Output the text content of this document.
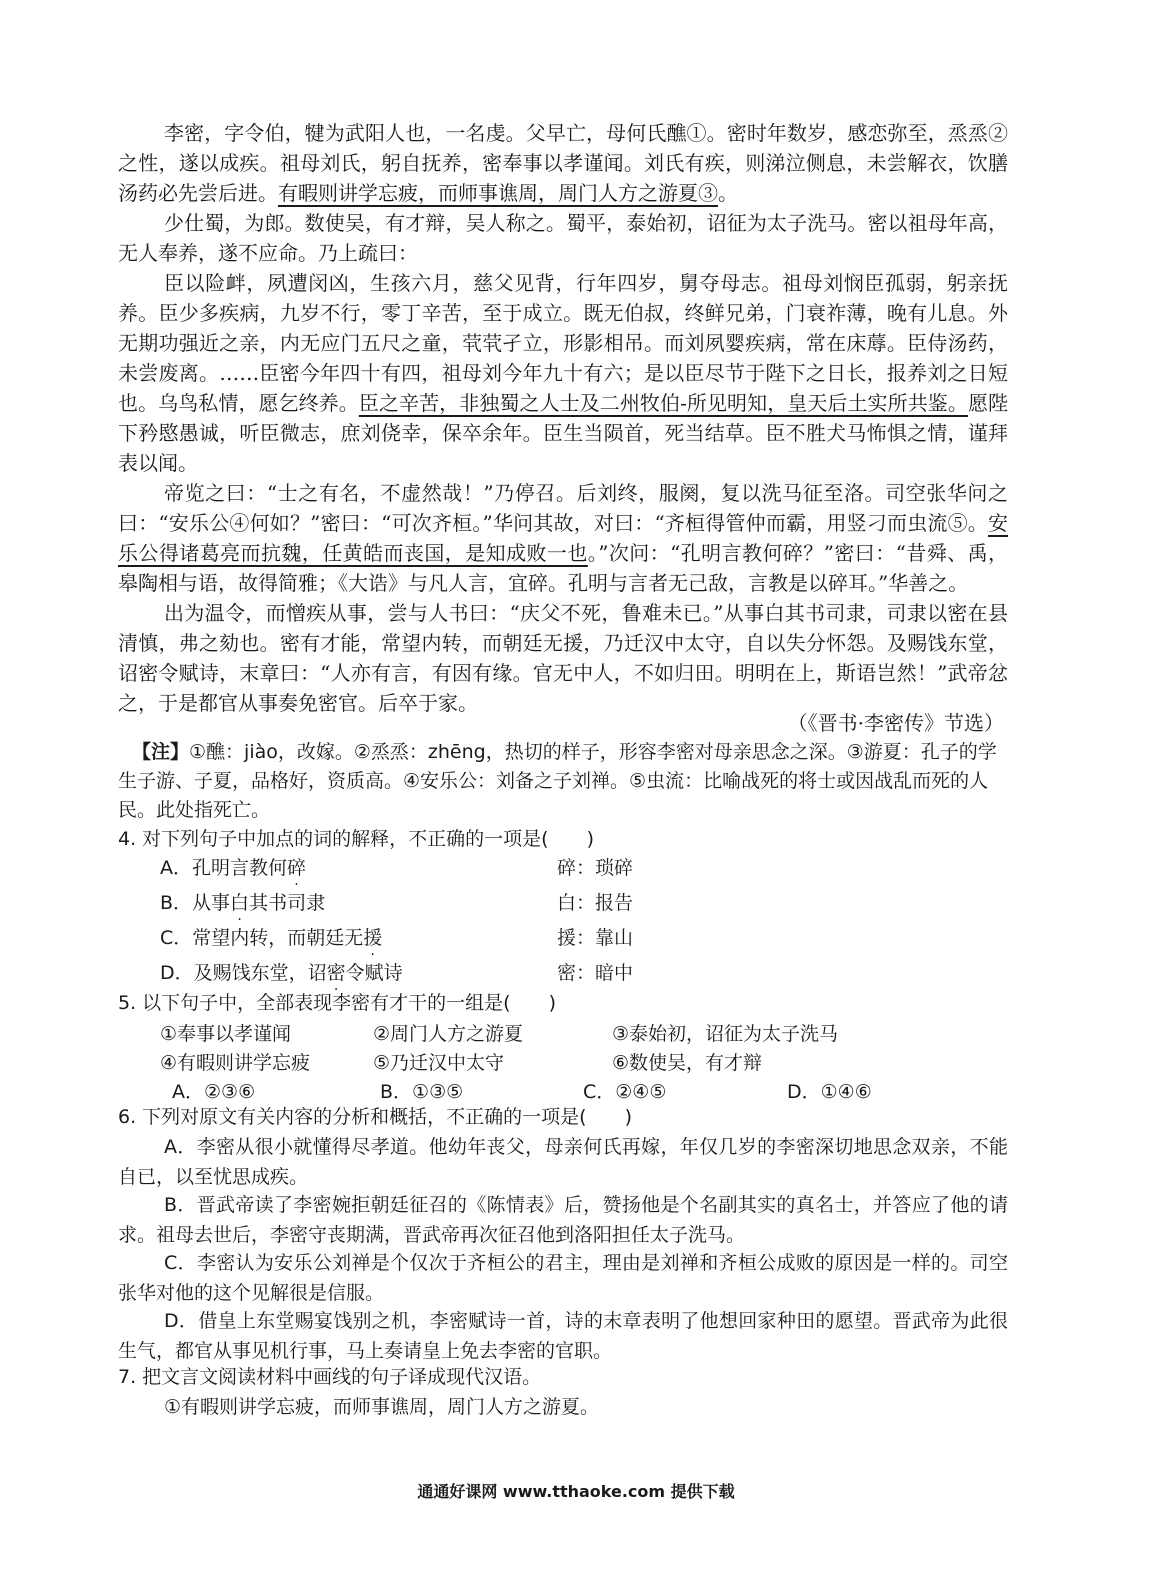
李密，字令伯，犍为武阳人也，一名虔。父早亡，母何氏醮①。密时年数岁，感恋弥至，烝烝②之性，遂以成疾。祖母刘氏，躬自抚养，密奉事以孝谨闻。刘氏有疾，则涕泣侧息，未尝解衣，饮膳汤药必先尝后进。有暇则讲学忘疲，而师事谯周，周门人方之游夏③。

少仕蜀，为郎。数使吴，有才辩，吴人称之。蜀平，泰始初，诏征为太子洗马。密以祖母年高，无人奉养，遂不应命。乃上疏曰：

臣以险衅，夙遭闵凶，生孩六月，慈父见背，行年四岁，舅夺母志。祖母刘悯臣孤弱，躬亲抚养。臣少多疾病，九岁不行，零丁辛苦，至于成立。既无伯叔，终鲜兄弟，门衰祚薄，晚有儿息。外无期功强近之亲，内无应门五尺之童，茕茕孑立，形影相吊。而刘夙婴疾病，常在床蓐。臣侍汤药，未尝废离。……臣密今年四十有四，祖母刘今年九十有六；是以臣尽节于陛下之日长，报养刘之日短也。乌鸟私情，愿乞终养。臣之辛苦，非独蜀之人士及二州牧伯-所见明知，皇天后土实所共鉴。愿陛下矜愍愚诚，听臣微志，庶刘侥幸，保卒余年。臣生当陨首，死当结草。臣不胜犬马怖惧之情，谨拜表以闻。

帝览之曰：“士之有名，不虚然哉！”乃停召。后刘终，服阕，复以洗马征至洛。司空张华问之曰：“安乐公④何如？”密曰：“可次齐桓。”华问其故，对曰：“齐桓得管仲而霸，用竖刁而虫流⑤。安乐公得诸葛亮而抗魏，任黄皓而丧国，是知成败一也。”次问：“孔明言教何碎？”密曰：“昔舜、禹，皋陶相与语，故得简雅；《大诰》与凡人言，宜碎。孔明与言者无己敌，言教是以碎耳。”华善之。

出为温令，而憎疾从事，尝与人书曰：“庆父不死，鲁难未已。”从事白其书司隶，司隶以密在县清慎，弗之劾也。密有才能，常望内转，而朝廷无援，乃迁汉中太守，自以失分怀怨。及赐饯东堂，诏密令赋诗，末章曰：“人亦有言，有因有缘。官无中人，不如归田。明明在上，斯语岂然！”武帝忿之，于是都官从事奏免密官。后卒于家。

（《晋书·李密传》节选）

【注】①醮：jiào，改嫁。②烝烝：zhēng，热切的样子，形容李密对母亲思念之深。③游夏：孔子的学生子游、子夏，品格好，资质高。④安乐公：刘备之子刘禅。⑤虫流：比喻战死的将士或因战乱而死的人民。此处指死亡。

4. 对下列句子中加点的词的解释，不正确的一项是(　　)

A．孔明言教何碎	碎：琐碎
B．从事白其书司隶	白：报告
C．常望内转，而朝廷无援	援：靠山
D．及赐饯东堂，诏密令赋诗	密：暗中

5. 以下句子中，全部表现李密有才干的一组是(　　)

①奉事以孝谨闻	②周门人方之游夏	③泰始初，诏征为太子洗马
④有暇则讲学忘疲	⑤乃迁汉中太守	⑥数使吴，有才辩
A．②③⑥	B．①③⑤	C．②④⑤	D．①④⑥

6. 下列对原文有关内容的分析和概括，不正确的一项是(　　)

A．李密从很小就懂得尽孝道。他幼年丧父，母亲何氏再嫁，年仅几岁的李密深切地思念双亲，不能自已，以至忧思成疾。

B．晋武帝读了李密婉拒朝廷征召的《陈情表》后，赞扬他是个名副其实的真名士，并答应了他的请求。祖母去世后，李密守丧期满，晋武帝再次征召他到洛阳担任太子洗马。

C．李密认为安乐公刘禅是个仅次于齐桓公的君主，理由是刘禅和齐桓公成败的原因是一样的。司空张华对他的这个见解很是信服。

D．借皇上东堂赐宴饯别之机，李密赋诗一首，诗的末章表明了他想回家种田的愿望。晋武帝为此很生气，都官从事见机行事，马上奏请皇上免去李密的官职。

7. 把文言文阅读材料中画线的句子译成现代汉语。

①有暇则讲学忘疲，而师事谯周，周门人方之游夏。

通通好课网 www.tthaoke.com 提供下载
